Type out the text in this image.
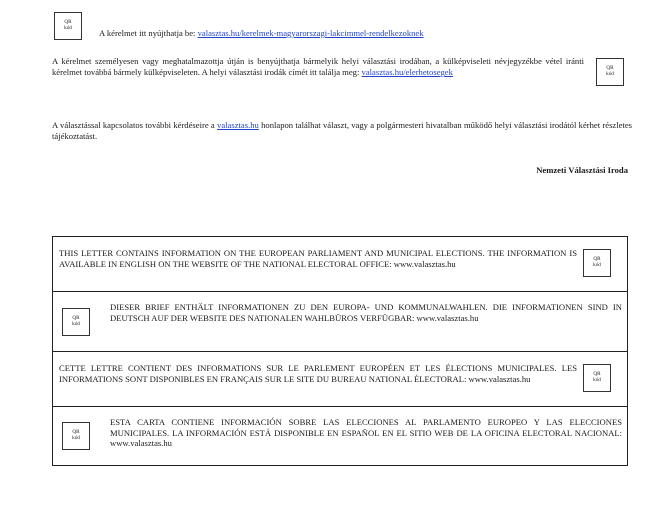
QR
kód	A kérelmet itt nyújthatja be: valasztas.hu/kerelmek-magyarorszagi-lakcimmel-rendelkezoknek
A kérelmet személyesen vagy meghatalmazottja útján is benyújthatja bármelyik helyi választási irodában, a külképviseleti névjegyzékbe vétel iránti kérelmet továbbá bármely külképviseleten. A helyi választási irodák címét itt találja meg: valasztas.hu/elerhetosegek	QR
kód
A választással kapcsolatos további kérdéseire a valasztas.hu honlapon találhat választ, vagy a polgármesteri hivatalban működő helyi választási irodától kérhet részletes tájékoztatást.
Nemzeti Választási Iroda
THIS LETTER CONTAINS INFORMATION ON THE EUROPEAN PARLIAMENT AND MUNICIPAL ELECTIONS. THE INFORMATION IS AVAILABLE IN ENGLISH ON THE WEBSITE OF THE NATIONAL ELECTORAL OFFICE: www.valasztas.hu	QR
kód
QR
kód
DIESER BRIEF ENTHÄLT INFORMATIONEN ZU DEN EUROPA- UND KOMMUNALWAHLEN. DIE INFORMATIONEN SIND IN DEUTSCH AUF DER WEBSITE DES NATIONALEN WAHLBÜROS VERFÜGBAR: www.valasztas.hu
CETTE LETTRE CONTIENT DES INFORMATIONS SUR LE PARLEMENT EUROPÉEN ET LES ÉLECTIONS MUNICIPALES. LES INFORMATIONS SONT DISPONIBLES EN FRANÇAIS SUR LE SITE DU BUREAU NATIONAL ÉLECTORAL: www.valasztas.hu	QR
kód
QR
kód
ESTA CARTA CONTIENE INFORMACIÓN SOBRE LAS ELECCIONES AL PARLAMENTO EUROPEO Y LAS ELECCIONES MUNICIPALES. LA INFORMACIÓN ESTÁ DISPONIBLE EN ESPAÑOL EN EL SITIO WEB DE LA OFICINA ELECTORAL NACIONAL: www.valasztas.hu
